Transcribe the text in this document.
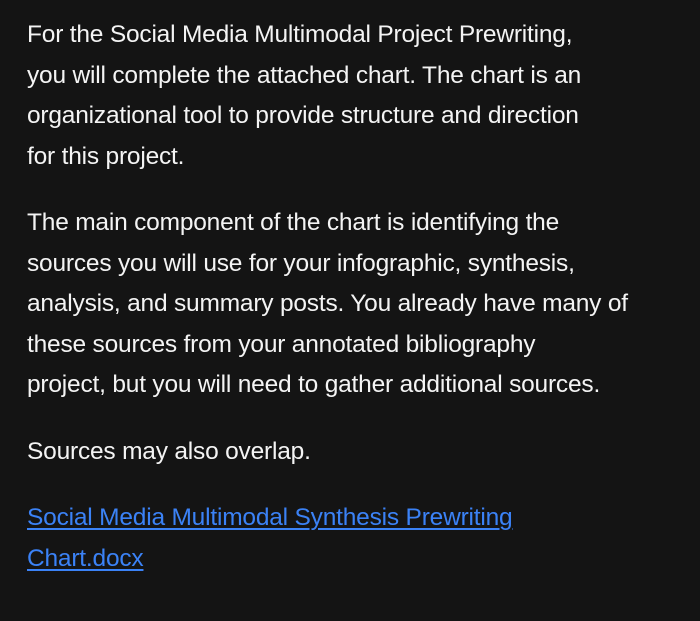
For the Social Media Multimodal Project Prewriting,
you will complete the attached chart. The chart is an
organizational tool to provide structure and direction
for this project.

The main component of the chart is identifying the
sources you will use for your infographic, synthesis,
analysis, and summary posts. You already have many of
these sources from your annotated bibliography
project, but you will need to gather additional sources.

Sources may also overlap.

Social Media Multimodal Synthesis Prewriting
Chart.docx
